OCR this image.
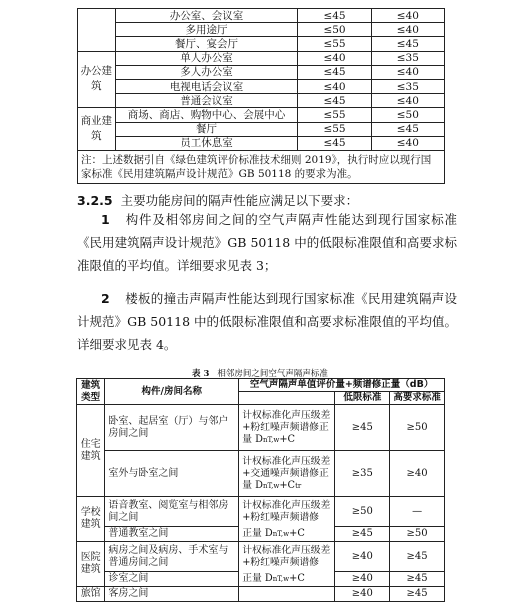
	办公室、会议室	≤45	≤40
	多用途厅	≤50	≤40
	餐厅、宴会厅	≤55	≤45
办公建筑	单人办公室	≤40	≤35
	多人办公室	≤45	≤40
	电视电话会议室	≤40	≤35
	普通会议室	≤45	≤40
商业建筑	商场、商店、购物中心、会展中心	≤55	≤50
	餐厅	≤55	≤45
	员工休息室	≤45	≤40
注：上述数据引自《绿色建筑评价标准技术细则 2019》，执行时应以现行国家标准《民用建筑隔声设计规范》GB 50118 的要求为准。			
3.2.5 主要功能房间的隔声性能应满足以下要求：
1 构件及相邻房间之间的空气声隔声性能达到现行国家标准《民用建筑隔声设计规范》GB 50118 中的低限标准限值和高要求标准限值的平均值。详细要求见表 3；
2 楼板的撞击声隔声性能达到现行国家标准《民用建筑隔声设计规范》GB 50118 中的低限标准限值和高要求标准限值的平均值。详细要求见表 4。
表 3 相邻房间之间空气声隔声标准
建筑类型	构件/房间名称	空气声隔声单值评价量+频谱修正量（dB）		
			低限标准	高要求标准
住宅建筑	卧室、起居室（厅）与邻户房间之间	计权标准化声压级差+粉红噪声频谱修正量 DnT,w+C	≥45	≥50
	室外与卧室之间	计权标准化声压级差+交通噪声频谱修正量 DnT,w+Ctr	≥35	≥40
学校建筑	语音教室、阅览室与相邻房间之间	计权标准化声压级差+粉红噪声频谱修	≥50	—
	普通教室之间	正量 DnT,w+C	≥45	≥50
医院建筑	病房之间及病房、手术室与普通房间之间	计权标准化声压级差+粉红噪声频谱修	≥40	≥45
	诊室之间	正量 DnT,w+C	≥40	≥45
旅馆	客房之间		≥40	≥45
